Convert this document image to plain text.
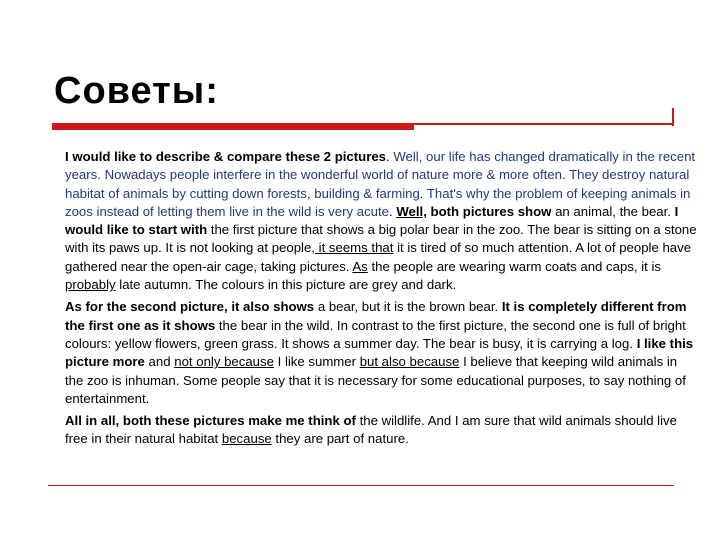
Советы:

I would like to describe & compare these 2 pictures. Well, our life has changed dramatically in the recent years. Nowadays people interfere in the wonderful world of nature more & more often. They destroy natural habitat of animals by cutting down forests, building & farming. That's why the problem of keeping animals in zoos instead of letting them live in the wild is very acute. Well, both pictures show an animal, the bear. I would like to start with the first picture that shows a big polar bear in the zoo. The bear is sitting on a stone with its paws up. It is not looking at people, it seems that it is tired of so much attention. A lot of people have gathered near the open-air cage, taking pictures. As the people are wearing warm coats and caps, it is probably late autumn. The colours in this picture are grey and dark.

As for the second picture, it also shows a bear, but it is the brown bear. It is completely different from the first one as it shows the bear in the wild. In contrast to the first picture, the second one is full of bright colours: yellow flowers, green grass. It shows a summer day. The bear is busy, it is carrying a log. I like this picture more and not only because I like summer but also because I believe that keeping wild animals in the zoo is inhuman. Some people say that it is necessary for some educational purposes, to say nothing of entertainment.

All in all, both these pictures make me think of the wildlife. And I am sure that wild animals should live free in their natural habitat because they are part of nature.
